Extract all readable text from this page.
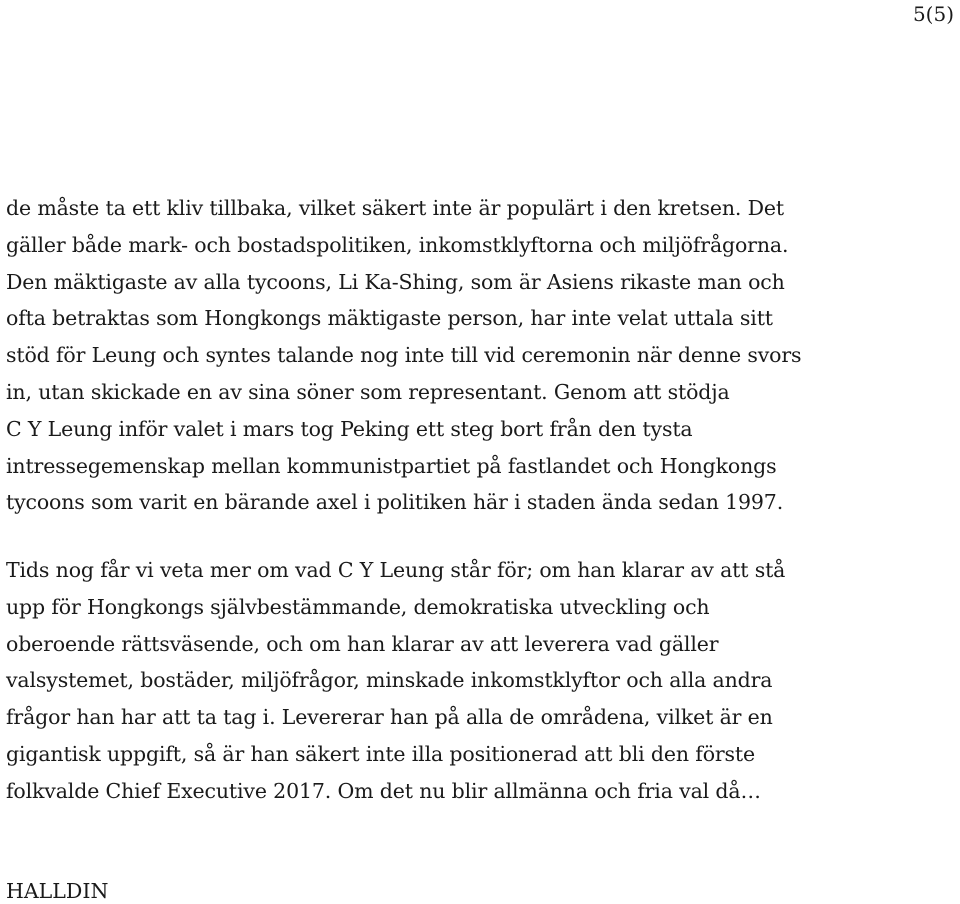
5(5)

de måste ta ett kliv tillbaka, vilket säkert inte är populärt i den kretsen. Det
gäller både mark- och bostadspolitiken, inkomstklyftorna och miljöfrågorna.
Den mäktigaste av alla tycoons, Li Ka-Shing, som är Asiens rikaste man och
ofta betraktas som Hongkongs mäktigaste person, har inte velat uttala sitt
stöd för Leung och syntes talande nog inte till vid ceremonin när denne svors
in, utan skickade en av sina söner som representant. Genom att stödja
C Y Leung inför valet i mars tog Peking ett steg bort från den tysta
intressegemenskap mellan kommunistpartiet på fastlandet och Hongkongs
tycoons som varit en bärande axel i politiken här i staden ända sedan 1997.

Tids nog får vi veta mer om vad C Y Leung står för; om han klarar av att stå
upp för Hongkongs självbestämmande, demokratiska utveckling och
oberoende rättsväsende, och om han klarar av att leverera vad gäller
valsystemet, bostäder, miljöfrågor, minskade inkomstklyftor och alla andra
frågor han har att ta tag i. Levererar han på alla de områdena, vilket är en
gigantisk uppgift, så är han säkert inte illa positionerad att bli den förste
folkvalde Chief Executive 2017. Om det nu blir allmänna och fria val då…

HALLDIN
